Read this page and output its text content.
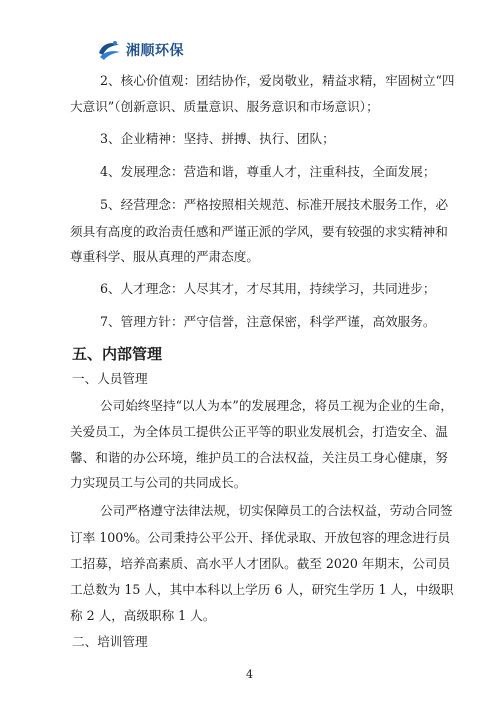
湘顺环保
2、核心价值观：团结协作，爱岗敬业，精益求精，牢固树立“四
大意识”（创新意识、质量意识、服务意识和市场意识）；
3、企业精神：坚持、拼搏、执行、团队；
4、发展理念：营造和谐，尊重人才，注重科技，全面发展；
5、经营理念：严格按照相关规范、标准开展技术服务工作，必
须具有高度的政治责任感和严谨正派的学风，要有较强的求实精神和
尊重科学、服从真理的严肃态度。
6、人才理念：人尽其才，才尽其用，持续学习，共同进步；
7、管理方针：严守信誉，注意保密，科学严谨，高效服务。
五、内部管理
一、人员管理
公司始终坚持“以人为本”的发展理念，将员工视为企业的生命，
关爱员工，为全体员工提供公正平等的职业发展机会，打造安全、温
馨、和谐的办公环境，维护员工的合法权益，关注员工身心健康，努
力实现员工与公司的共同成长。
公司严格遵守法律法规，切实保障员工的合法权益，劳动合同签
订率 100%。公司秉持公平公开、择优录取、开放包容的理念进行员
工招募，培养高素质、高水平人才团队。截至 2020 年期末，公司员
工总数为 15 人，其中本科以上学历 6 人，研究生学历 1 人，中级职
称 2 人，高级职称 1 人。
二、培训管理
4
